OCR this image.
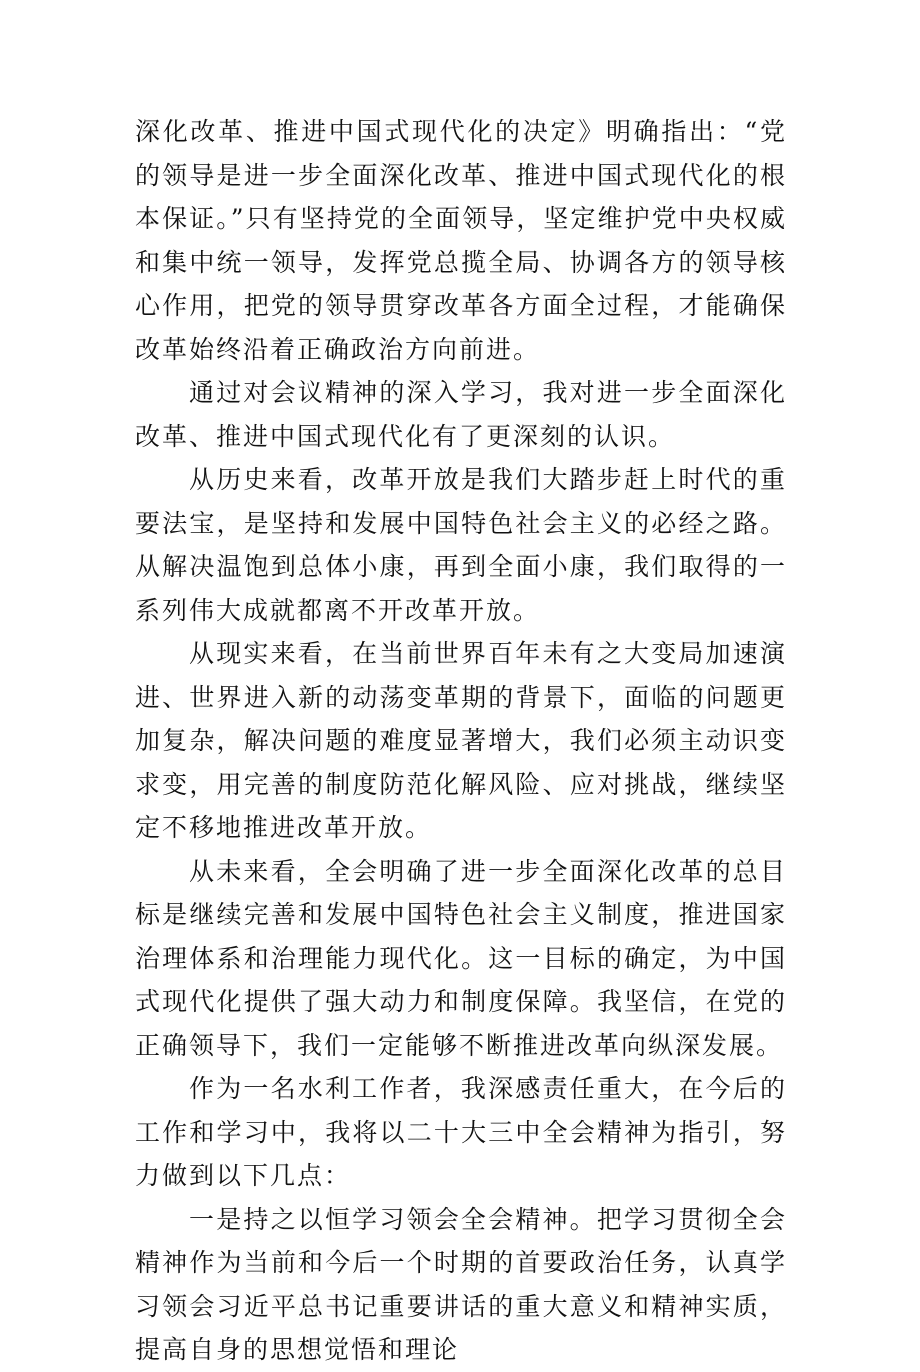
深化改革、推进中国式现代化的决定》明确指出：“党的领导是进一步全面深化改革、推进中国式现代化的根本保证。”只有坚持党的全面领导，坚定维护党中央权威和集中统一领导，发挥党总揽全局、协调各方的领导核心作用，把党的领导贯穿改革各方面全过程，才能确保改革始终沿着正确政治方向前进。

通过对会议精神的深入学习，我对进一步全面深化改革、推进中国式现代化有了更深刻的认识。

从历史来看，改革开放是我们大踏步赶上时代的重要法宝，是坚持和发展中国特色社会主义的必经之路。从解决温饱到总体小康，再到全面小康，我们取得的一系列伟大成就都离不开改革开放。

从现实来看，在当前世界百年未有之大变局加速演进、世界进入新的动荡变革期的背景下，面临的问题更加复杂，解决问题的难度显著增大，我们必须主动识变求变，用完善的制度防范化解风险、应对挑战，继续坚定不移地推进改革开放。

从未来看，全会明确了进一步全面深化改革的总目标是继续完善和发展中国特色社会主义制度，推进国家治理体系和治理能力现代化。这一目标的确定，为中国式现代化提供了强大动力和制度保障。我坚信，在党的正确领导下，我们一定能够不断推进改革向纵深发展。

作为一名水利工作者，我深感责任重大，在今后的工作和学习中，我将以二十大三中全会精神为指引，努力做到以下几点：

一是持之以恒学习领会全会精神。把学习贯彻全会精神作为当前和今后一个时期的首要政治任务，认真学习领会习近平总书记重要讲话的重大意义和精神实质，提高自身的思想觉悟和理论
